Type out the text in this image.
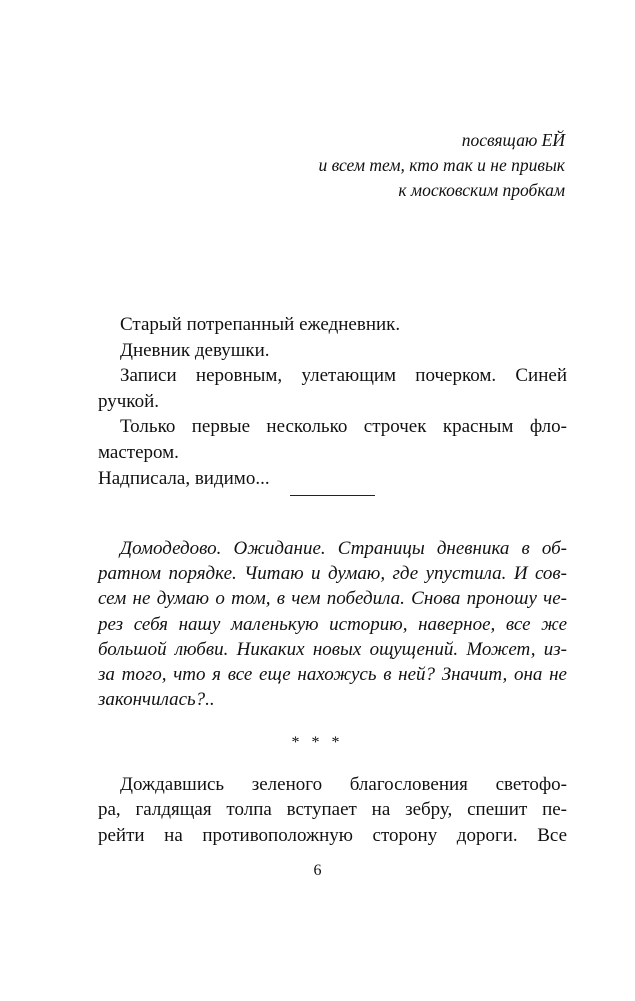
посвящаю ЕЙ
и всем тем, кто так и не привык
к московским пробкам
Старый потрепанный ежедневник.
Дневник девушки.
Записи неровным, улетающим почерком. Синей
ручкой.
Только первые несколько строчек красным фло-
мастером.
Надписала, видимо...
Домодедово. Ожидание. Страницы дневника в об-
ратном порядке. Читаю и думаю, где упустила. И сов-
сем не думаю о том, в чем победила. Снова проношу че-
рез себя нашу маленькую историю, наверное, все же
большой любви. Никаких новых ощущений. Может, из-
за того, что я все еще нахожусь в ней? Значит, она не
закончилась?..
* * *
Дождавшись зеленого благословения светофо-
ра, галдящая толпа вступает на зебру, спешит пе-
рейти на противоположную сторону дороги. Все
6
